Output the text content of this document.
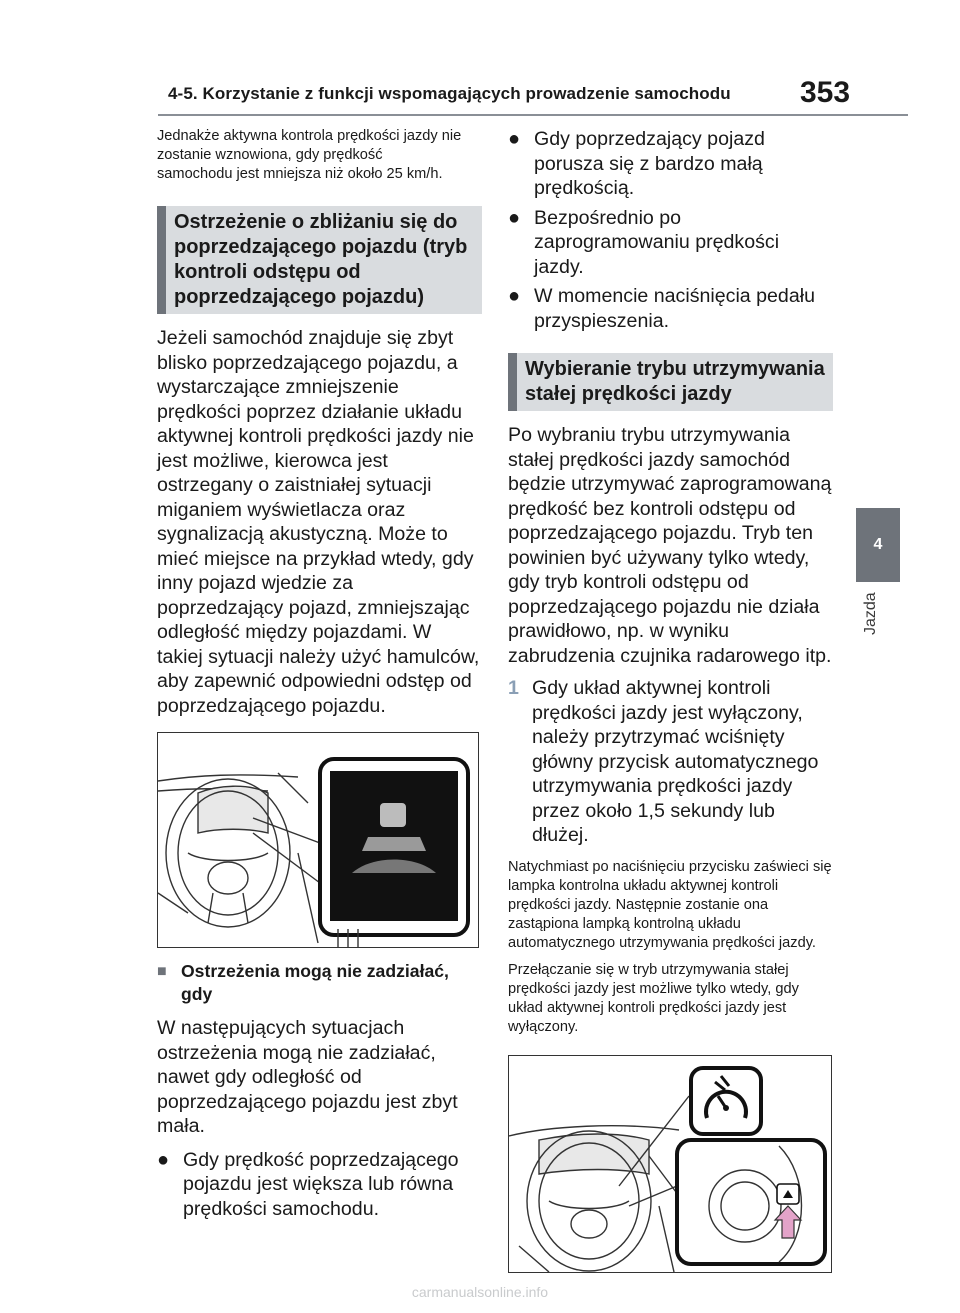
4-5. Korzystanie z funkcji wspomagających prowadzenie samochodu 353
4
Jazda

Jednakże aktywna kontrola prędkości jazdy nie zostanie wznowiona, gdy prędkość samochodu jest mniejsza niż około 25 km/h.

Ostrzeżenie o zbliżaniu się do poprzedzającego pojazdu (tryb kontroli odstępu od poprzedzającego pojazdu)

Jeżeli samochód znajduje się zbyt blisko poprzedzającego pojazdu, a wystarczające zmniejszenie prędkości poprzez działanie układu aktywnej kontroli prędkości jazdy nie jest możliwe, kierowca jest ostrzegany o zaistniałej sytuacji miganiem wyświetlacza oraz sygnalizacją akustyczną. Może to mieć miejsce na przykład wtedy, gdy inny pojazd wjedzie za poprzedzający pojazd, zmniejszając odległość między pojazdami. W takiej sytuacji należy użyć hamulców, aby zapewnić odpowiedni odstęp od poprzedzającego pojazdu.

■ Ostrzeżenia mogą nie zadziałać, gdy

W następujących sytuacjach ostrzeżenia mogą nie zadziałać, nawet gdy odległość od poprzedzającego pojazdu jest zbyt mała.

● Gdy prędkość poprzedzającego pojazdu jest większa lub równa prędkości samochodu.
● Gdy poprzedzający pojazd porusza się z bardzo małą prędkością.
● Bezpośrednio po zaprogramowaniu prędkości jazdy.
● W momencie naciśnięcia pedału przyspieszenia.
Wybieranie trybu utrzymywania stałej prędkości jazdy

Po wybraniu trybu utrzymywania stałej prędkości jazdy samochód będzie utrzymywać zaprogramowaną prędkość bez kontroli odstępu od poprzedzającego pojazdu. Tryb ten powinien być używany tylko wtedy, gdy tryb kontroli odstępu od poprzedzającego pojazdu nie działa prawidłowo, np. w wyniku zabrudzenia czujnika radarowego itp.

1 Gdy układ aktywnej kontroli prędkości jazdy jest wyłączony, należy przytrzymać wciśnięty główny przycisk automatycznego utrzymywania prędkości jazdy przez około 1,5 sekundy lub dłużej.

Natychmiast po naciśnięciu przycisku zaświeci się lampka kontrolna układu aktywnej kontroli prędkości jazdy. Następnie zostanie ona zastąpiona lampką kontrolną układu automatycznego utrzymywania prędkości jazdy.

Przełączanie się w tryb utrzymywania stałej prędkości jazdy jest możliwe tylko wtedy, gdy układ aktywnej kontroli prędkości jazdy jest wyłączony.

carmanualsonline.info
